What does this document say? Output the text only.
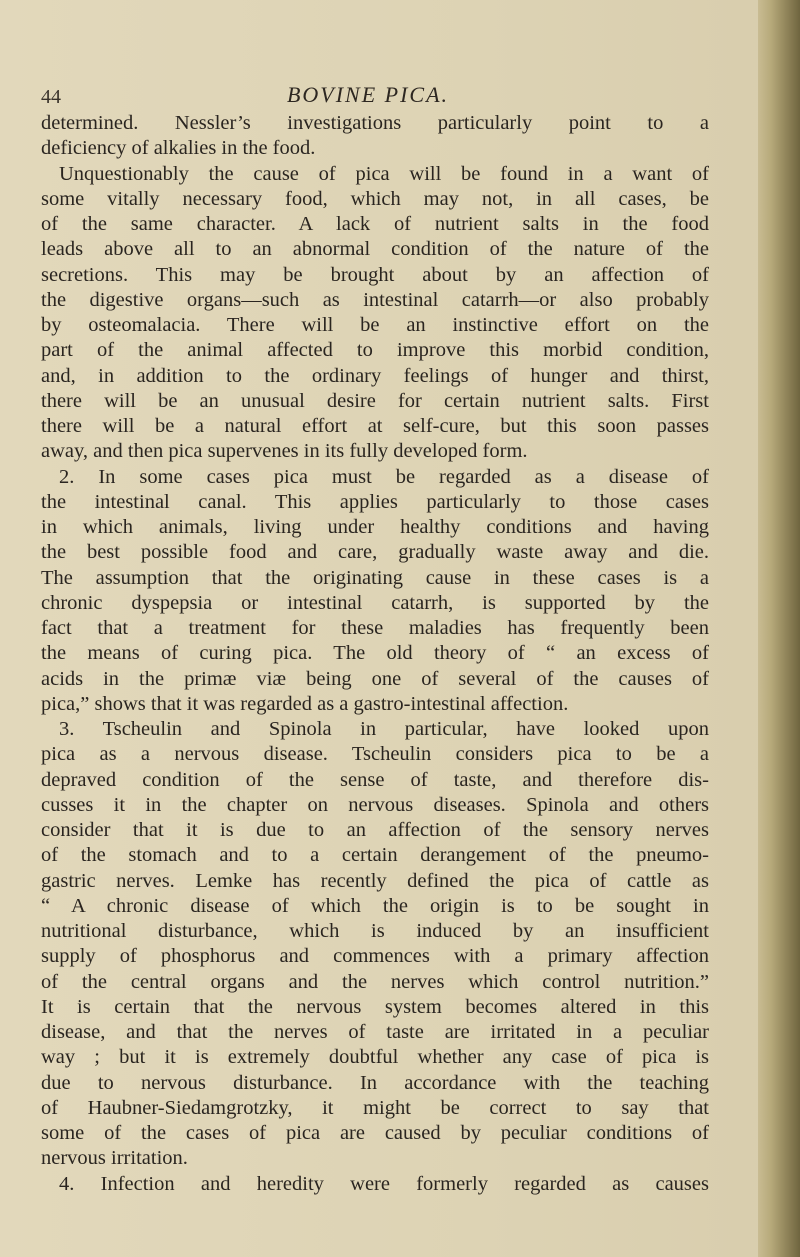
44	BOVINE PICA.

determined. Nessler’s investigations particularly point to a
deficiency of alkalies in the food.
Unquestionably the cause of pica will be found in a want of
some vitally necessary food, which may not, in all cases, be
of the same character. A lack of nutrient salts in the food
leads above all to an abnormal condition of the nature of the
secretions. This may be brought about by an affection of
the digestive organs—such as intestinal catarrh—or also probably
by osteomalacia. There will be an instinctive effort on the
part of the animal affected to improve this morbid condition,
and, in addition to the ordinary feelings of hunger and thirst,
there will be an unusual desire for certain nutrient salts. First
there will be a natural effort at self-cure, but this soon passes
away, and then pica supervenes in its fully developed form.
2. In some cases pica must be regarded as a disease of
the intestinal canal. This applies particularly to those cases
in which animals, living under healthy conditions and having
the best possible food and care, gradually waste away and die.
The assumption that the originating cause in these cases is a
chronic dyspepsia or intestinal catarrh, is supported by the
fact that a treatment for these maladies has frequently been
the means of curing pica. The old theory of “ an excess of
acids in the primæ viæ being one of several of the causes of
pica,” shows that it was regarded as a gastro-intestinal affection.
3. Tscheulin and Spinola in particular, have looked upon
pica as a nervous disease. Tscheulin considers pica to be a
depraved condition of the sense of taste, and therefore dis-
cusses it in the chapter on nervous diseases. Spinola and others
consider that it is due to an affection of the sensory nerves
of the stomach and to a certain derangement of the pneumo-
gastric nerves. Lemke has recently defined the pica of cattle as
“ A chronic disease of which the origin is to be sought in
nutritional disturbance, which is induced by an insufficient
supply of phosphorus and commences with a primary affection
of the central organs and the nerves which control nutrition.”
It is certain that the nervous system becomes altered in this
disease, and that the nerves of taste are irritated in a peculiar
way ; but it is extremely doubtful whether any case of pica is
due to nervous disturbance. In accordance with the teaching
of Haubner-Siedamgrotzky, it might be correct to say that
some of the cases of pica are caused by peculiar conditions of
nervous irritation.
4. Infection and heredity were formerly regarded as causes
